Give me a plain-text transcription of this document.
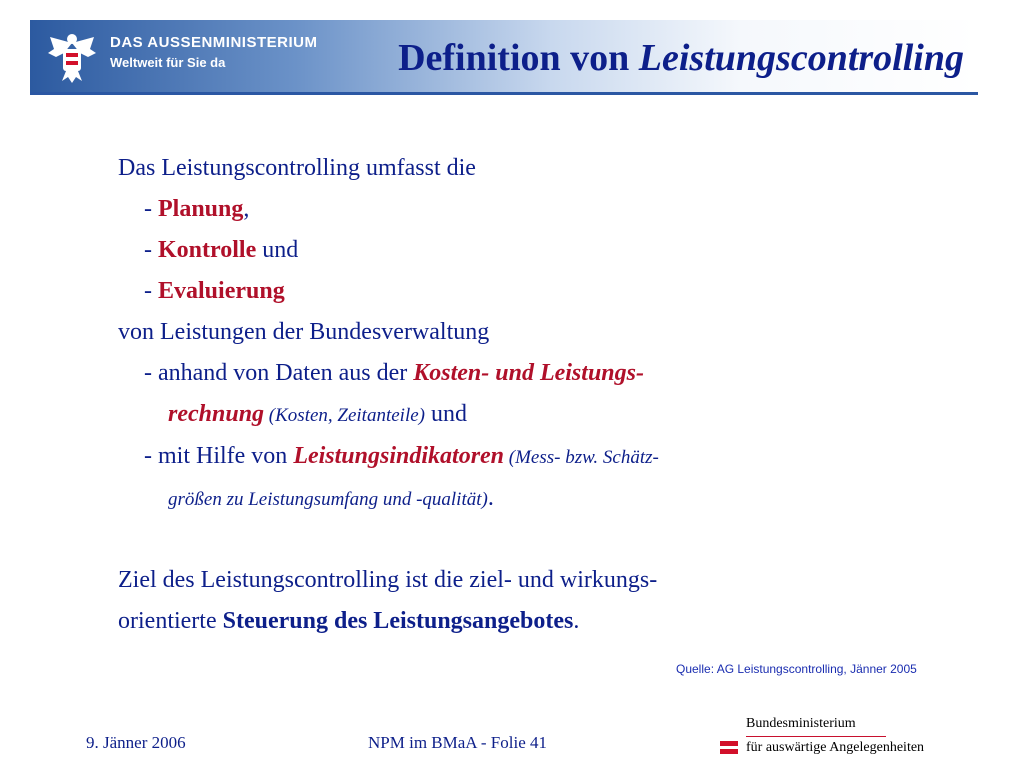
DAS AUSSENMINISTERIUM
Weltweit für Sie da	Definition von Leistungscontrolling
Das Leistungscontrolling umfasst die
- Planung,
- Kontrolle und
- Evaluierung
von Leistungen der Bundesverwaltung
- anhand von Daten aus der Kosten- und Leistungs-
rechnung (Kosten, Zeitanteile) und
- mit Hilfe von Leistungsindikatoren (Mess- bzw. Schätz-
größen zu Leistungsumfang und -qualität).
Ziel des Leistungscontrolling ist die ziel- und wirkungs-
orientierte Steuerung des Leistungsangebotes.
Quelle: AG Leistungscontrolling, Jänner 2005
9. Jänner 2006	NPM im BMaA - Folie 41
Bundesministerium
für auswärtige Angelegenheiten
